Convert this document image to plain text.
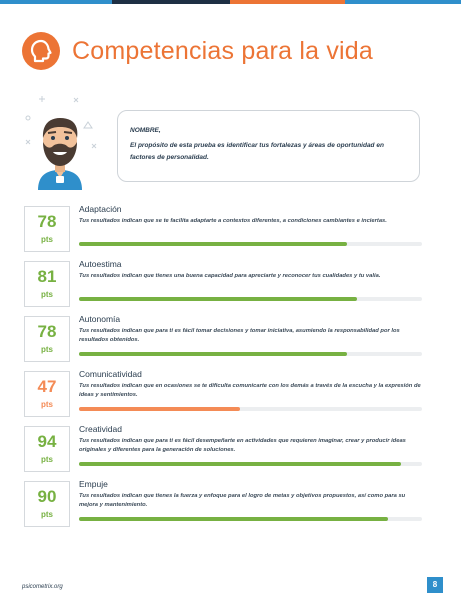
Competencias para la vida
NOMBRE,
El propósito de esta prueba es identificar tus fortalezas y áreas de oportunidad en factores de personalidad.
78
pts
Adaptación
Tus resultados indican que se te facilita adaptarte a contextos diferentes, a condiciones cambiantes e inciertas.
81
pts
Autoestima
Tus resultados indican que tienes una buena capacidad para apreciarte y reconocer tus cualidades y tu valía.
78
pts
Autonomía
Tus resultados indican que para ti es fácil tomar decisiones y tomar iniciativa, asumiendo la responsabilidad por los resultados obtenidos.
47
pts
Comunicatividad
Tus resultados indican que en ocasiones se te dificulta comunicarte con los demás a través de la escucha y la expresión de ideas y sentimientos.
94
pts
Creatividad
Tus resultados indican que para ti es fácil desempeñarte en actividades que requieren imaginar, crear y producir ideas originales y diferentes para la generación de soluciones.
90
pts
Empuje
Tus resultados indican que tienes la fuerza y enfoque para el logro de metas y objetivos propuestos, así como para su mejora y mantenimiento.
psicometrix.org	8
